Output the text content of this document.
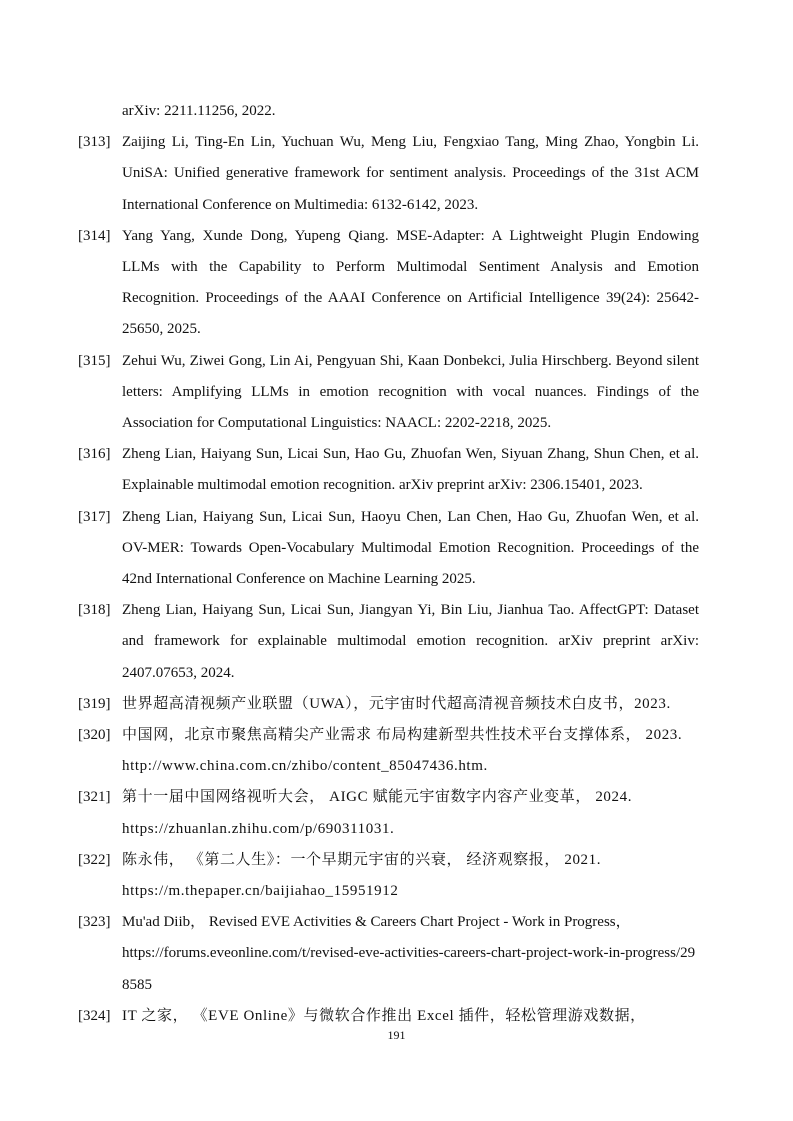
arXiv: 2211.11256, 2022.
[313] Zaijing Li, Ting-En Lin, Yuchuan Wu, Meng Liu, Fengxiao Tang, Ming Zhao, Yongbin Li. UniSA: Unified generative framework for sentiment analysis. Proceedings of the 31st ACM International Conference on Multimedia: 6132-6142, 2023.
[314] Yang Yang, Xunde Dong, Yupeng Qiang. MSE-Adapter: A Lightweight Plugin Endowing LLMs with the Capability to Perform Multimodal Sentiment Analysis and Emotion Recognition. Proceedings of the AAAI Conference on Artificial Intelligence 39(24): 25642-25650, 2025.
[315] Zehui Wu, Ziwei Gong, Lin Ai, Pengyuan Shi, Kaan Donbekci, Julia Hirschberg. Beyond silent letters: Amplifying LLMs in emotion recognition with vocal nuances. Findings of the Association for Computational Linguistics: NAACL: 2202-2218, 2025.
[316] Zheng Lian, Haiyang Sun, Licai Sun, Hao Gu, Zhuofan Wen, Siyuan Zhang, Shun Chen, et al. Explainable multimodal emotion recognition. arXiv preprint arXiv: 2306.15401, 2023.
[317] Zheng Lian, Haiyang Sun, Licai Sun, Haoyu Chen, Lan Chen, Hao Gu, Zhuofan Wen, et al. OV-MER: Towards Open-Vocabulary Multimodal Emotion Recognition. Proceedings of the 42nd International Conference on Machine Learning 2025.
[318] Zheng Lian, Haiyang Sun, Licai Sun, Jiangyan Yi, Bin Liu, Jianhua Tao. AffectGPT: Dataset and framework for explainable multimodal emotion recognition. arXiv preprint arXiv: 2407.07653, 2024.
[319] 世界超高清视频产业联盟（UWA），元宇宙时代超高清视音频技术白皮书，2023.
[320] 中国网，北京市聚焦高精尖产业需求 布局构建新型共性技术平台支撑体系， 2023.
http://www.china.com.cn/zhibo/content_85047436.htm.
[321] 第十一届中国网络视听大会， AIGC 赋能元宇宙数字内容产业变革， 2024.
https://zhuanlan.zhihu.com/p/690311031.
[322] 陈永伟， 《第二人生》：一个早期元宇宙的兴衰， 经济观察报， 2021.
https://m.thepaper.cn/baijiahao_15951912
[323] Mu'ad Diib， Revised EVE Activities & Careers Chart Project - Work in Progress，
https://forums.eveonline.com/t/revised-eve-activities-careers-chart-project-work-in-progress/298585
[324] IT 之家， 《EVE Online》与微软合作推出 Excel 插件，轻松管理游戏数据，
191
